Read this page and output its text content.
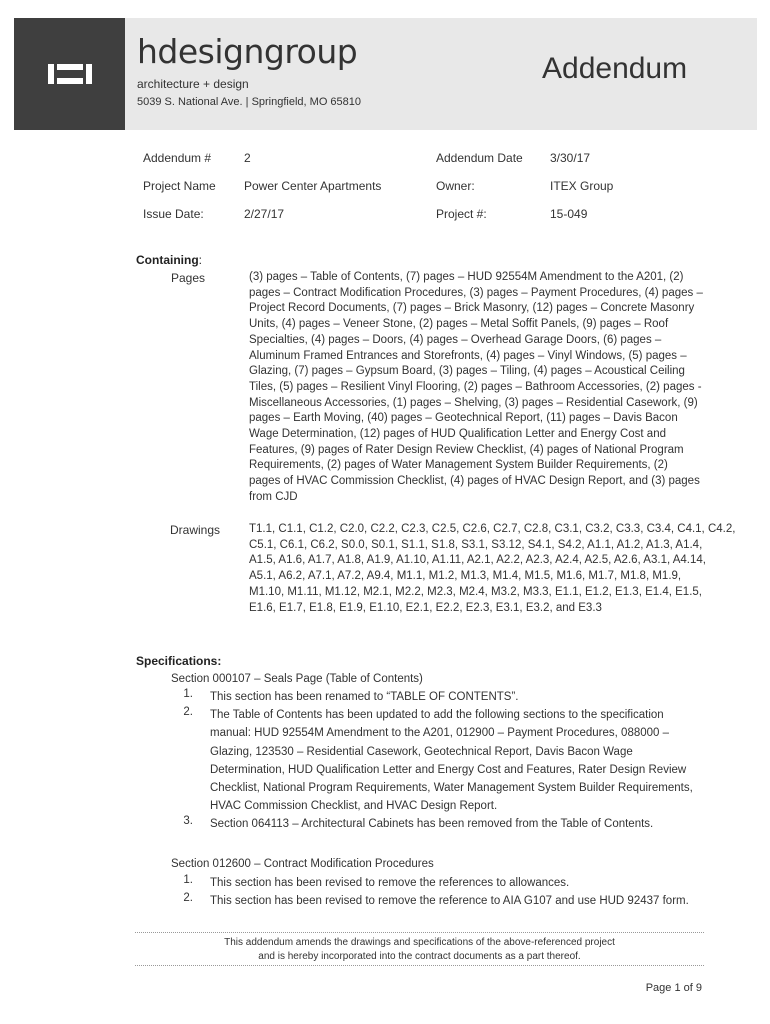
hdesigngroup
architecture + design
5039 S. National Ave. | Springfield, MO 65810
Addendum
Addendum #	2	Addendum Date 3/30/17
Project Name Power Center Apartments	Owner:	ITEX Group
Issue Date:	2/27/17	Project #:	15-049
Containing:
Pages	(3) pages – Table of Contents, (7) pages – HUD 92554M Amendment to the A201, (2)
pages – Contract Modification Procedures, (3) pages – Payment Procedures, (4) pages –
Project Record Documents, (7) pages – Brick Masonry, (12) pages – Concrete Masonry
Units, (4) pages – Veneer Stone, (2) pages – Metal Soffit Panels, (9) pages – Roof
Specialties, (4) pages – Doors, (4) pages – Overhead Garage Doors, (6) pages –
Aluminum Framed Entrances and Storefronts, (4) pages – Vinyl Windows, (5) pages –
Glazing, (7) pages – Gypsum Board, (3) pages – Tiling, (4) pages – Acoustical Ceiling
Tiles, (5) pages – Resilient Vinyl Flooring, (2) pages – Bathroom Accessories, (2) pages -
Miscellaneous Accessories, (1) pages – Shelving, (3) pages – Residential Casework, (9)
pages – Earth Moving, (40) pages – Geotechnical Report, (11) pages – Davis Bacon
Wage Determination, (12) pages of HUD Qualification Letter and Energy Cost and
Features, (9) pages of Rater Design Review Checklist, (4) pages of National Program
Requirements, (2) pages of Water Management System Builder Requirements, (2)
pages of HVAC Commission Checklist, (4) pages of HVAC Design Report, and (3) pages
from CJD
Drawings	T1.1, C1.1, C1.2, C2.0, C2.2, C2.3, C2.5, C2.6, C2.7, C2.8, C3.1, C3.2, C3.3, C3.4, C4.1, C4.2,
C5.1, C6.1, C6.2, S0.0, S0.1, S1.1, S1.8, S3.1, S3.12, S4.1, S4.2, A1.1, A1.2, A1.3, A1.4,
A1.5, A1.6, A1.7, A1.8, A1.9, A1.10, A1.11, A2.1, A2.2, A2.3, A2.4, A2.5, A2.6, A3.1, A4.14,
A5.1, A6.2, A7.1, A7.2, A9.4, M1.1, M1.2, M1.3, M1.4, M1.5, M1.6, M1.7, M1.8, M1.9,
M1.10, M1.11, M1.12, M2.1, M2.2, M2.3, M2.4, M3.2, M3.3, E1.1, E1.2, E1.3, E1.4, E1.5,
E1.6, E1.7, E1.8, E1.9, E1.10, E2.1, E2.2, E2.3, E3.1, E3.2, and E3.3
Specifications:
Section 000107 – Seals Page (Table of Contents)
1. This section has been renamed to “TABLE OF CONTENTS”.
2. The Table of Contents has been updated to add the following sections to the specification
manual: HUD 92554M Amendment to the A201, 012900 – Payment Procedures, 088000 –
Glazing, 123530 – Residential Casework, Geotechnical Report, Davis Bacon Wage
Determination, HUD Qualification Letter and Energy Cost and Features, Rater Design Review
Checklist, National Program Requirements, Water Management System Builder Requirements,
HVAC Commission Checklist, and HVAC Design Report.
3. Section 064113 – Architectural Cabinets has been removed from the Table of Contents.
Section 012600 – Contract Modification Procedures
1. This section has been revised to remove the references to allowances.
2. This section has been revised to remove the reference to AIA G107 and use HUD 92437 form.
This addendum amends the drawings and specifications of the above-referenced project
and is hereby incorporated into the contract documents as a part thereof.
Page 1 of 9
